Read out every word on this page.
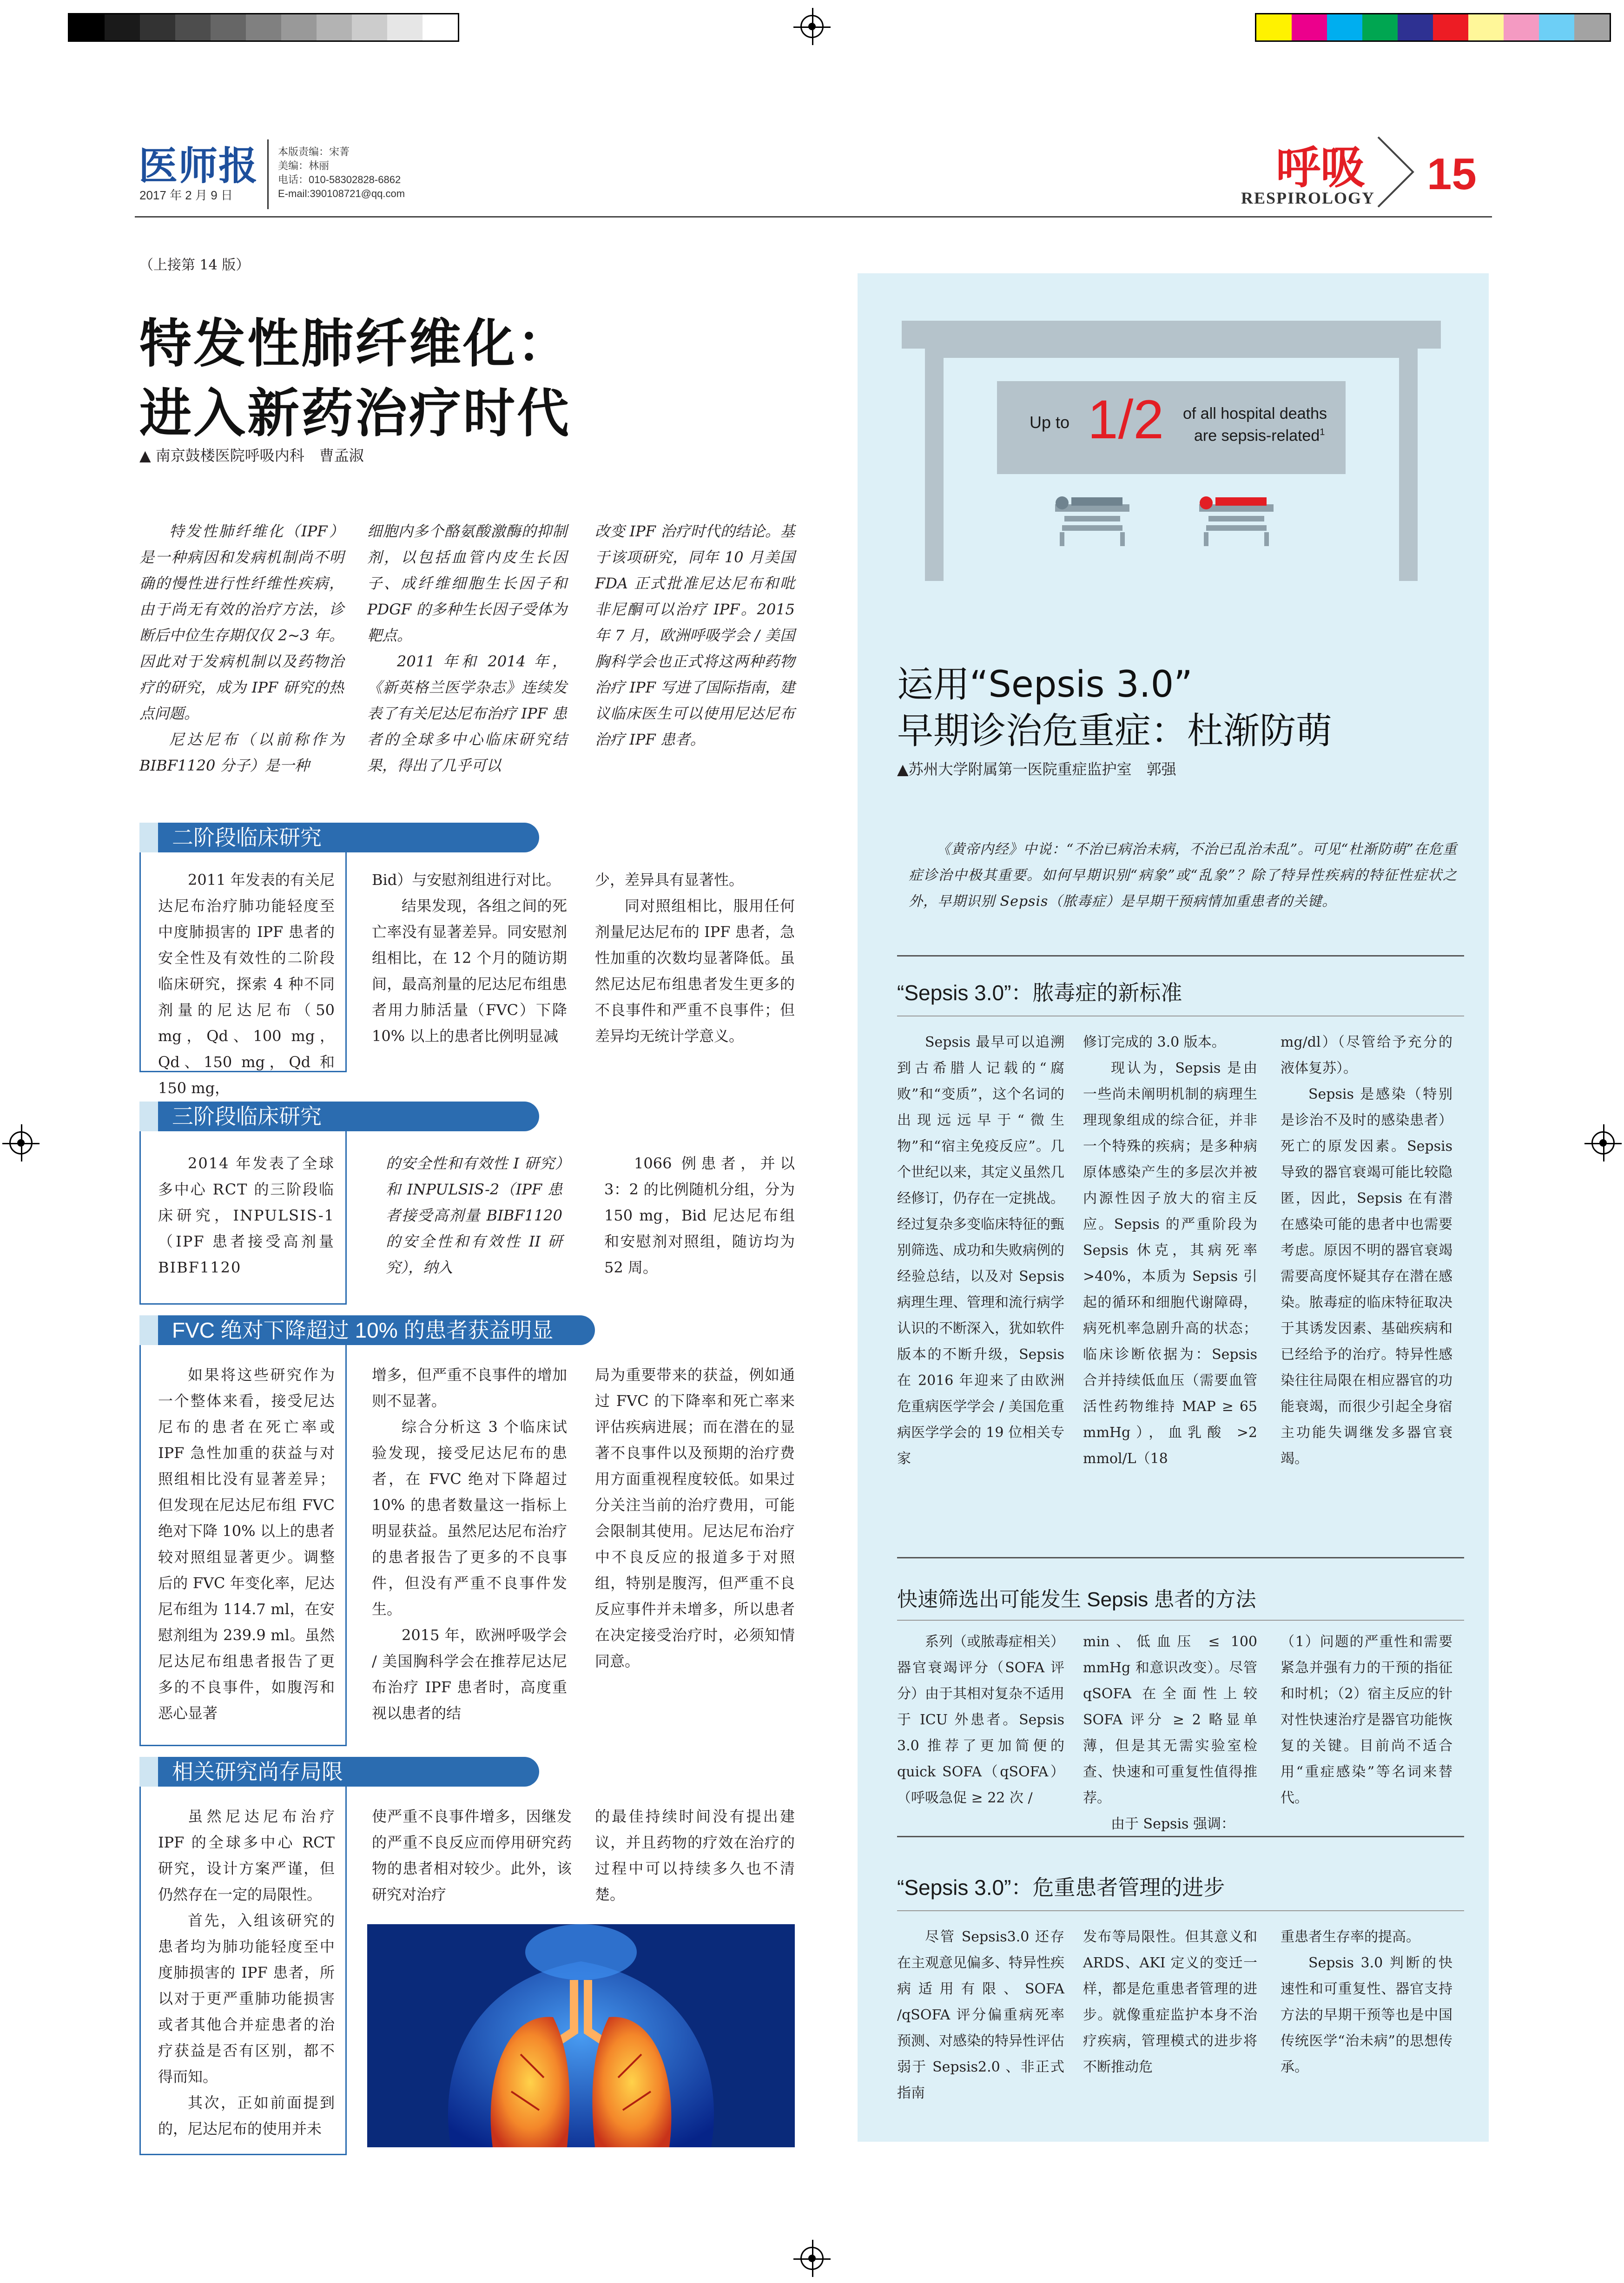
医师报
2017 年 2 月 9 日
本版责编：宋菁
美编：林丽
电话：010-58302828-6862
E-mail:390108721@qq.com	呼吸
RESPIROLOGY 15
（上接第 14 版）
特发性肺纤维化：
进入新药治疗时代
▲ 南京鼓楼医院呼吸内科　曹孟淑

特发性肺纤维化（IPF）是一种病因和发病机制尚不明确的慢性进行性纤维性疾病，由于尚无有效的治疗方法，诊断后中位生存期仅仅 2~3 年。因此对于发病机制以及药物治疗的研究，成为 IPF 研究的热点问题。

尼达尼布（以前称作为 BIBF1120 分子）是一种

细胞内多个酪氨酸激酶的抑制剂，以包括血管内皮生长因子、成纤维细胞生长因子和 PDGF 的多种生长因子受体为靶点。

2011 年和 2014 年，《新英格兰医学杂志》连续发表了有关尼达尼布治疗 IPF 患者的全球多中心临床研究结果，得出了几乎可以

改变 IPF 治疗时代的结论。基于该项研究，同年 10 月美国 FDA 正式批准尼达尼布和吡非尼酮可以治疗 IPF。2015 年 7 月，欧洲呼吸学会 / 美国胸科学会也正式将这两种药物治疗 IPF 写进了国际指南，建议临床医生可以使用尼达尼布治疗 IPF 患者。

二阶段临床研究

2011 年发表的有关尼达尼布治疗肺功能轻度至中度肺损害的 IPF 患者的安全性及有效性的二阶段临床研究，探索 4 种不同剂量的尼达尼布（50 mg，Qd、100 mg，Qd、150 mg，Qd 和 150 mg，

Bid）与安慰剂组进行对比。

结果发现，各组之间的死亡率没有显著差异。同安慰剂组相比，在 12 个月的随访期间，最高剂量的尼达尼布组患者用力肺活量（FVC）下降 10% 以上的患者比例明显减

少，差异具有显著性。

同对照组相比，服用任何剂量尼达尼布的 IPF 患者，急性加重的次数均显著降低。虽然尼达尼布组患者发生更多的不良事件和严重不良事件；但差异均无统计学意义。

三阶段临床研究

2014 年发表了全球多中心 RCT 的三阶段临床研究，INPULSIS-1（IPF 患者接受高剂量 BIBF1120

的安全性和有效性 I 研究）和 INPULSIS-2（IPF 患者接受高剂量 BIBF1120 的安全性和有效性 II 研究），纳入

1066 例患者，并以 3：2 的比例随机分组，分为 150 mg，Bid 尼达尼布组和安慰剂对照组，随访均为 52 周。

FVC 绝对下降超过 10% 的患者获益明显

如果将这些研究作为一个整体来看，接受尼达尼布的患者在死亡率或 IPF 急性加重的获益与对照组相比没有显著差异；但发现在尼达尼布组 FVC 绝对下降 10% 以上的患者较对照组显著更少。调整后的 FVC 年变化率，尼达尼布组为 114.7 ml，在安慰剂组为 239.9 ml。虽然尼达尼布组患者报告了更多的不良事件，如腹泻和恶心显著

增多，但严重不良事件的增加则不显著。

综合分析这 3 个临床试验发现，接受尼达尼布的患者，在 FVC 绝对下降超过 10% 的患者数量这一指标上明显获益。虽然尼达尼布治疗的患者报告了更多的不良事件，但没有严重不良事件发生。

2015 年，欧洲呼吸学会 / 美国胸科学会在推荐尼达尼布治疗 IPF 患者时，高度重视以患者的结

局为重要带来的获益，例如通过 FVC 的下降率和死亡率来评估疾病进展；而在潜在的显著不良事件以及预期的治疗费用方面重视程度较低。如果过分关注当前的治疗费用，可能会限制其使用。尼达尼布治疗中不良反应的报道多于对照组，特别是腹泻，但严重不良反应事件并未增多，所以患者在决定接受治疗时，必须知情同意。

相关研究尚存局限

虽然尼达尼布治疗 IPF 的全球多中心 RCT 研究，设计方案严谨，但仍然存在一定的局限性。

首先，入组该研究的患者均为肺功能轻度至中度肺损害的 IPF 患者，所以对于更严重肺功能损害或者其他合并症患者的治疗获益是否有区别，都不得而知。

其次，正如前面提到的，尼达尼布的使用并未

使严重不良事件增多，因继发的严重不良反应而停用研究药物的患者相对较少。此外，该研究对治疗

的最佳持续时间没有提出建议，并且药物的疗效在治疗的过程中可以持续多久也不清楚。

Up to 1/2 of all hospital deaths
are sepsis-related$^1$
运用“Sepsis 3.0”
早期诊治危重症：杜渐防萌
▲苏州大学附属第一医院重症监护室　郭强

《黄帝内经》中说：“不治已病治未病，不治已乱治未乱”。可见“杜渐防萌”在危重症诊治中极其重要。如何早期识别“病象”或“乱象”？除了特异性疾病的特征性症状之外，早期识别 Sepsis（脓毒症）是早期干预病情加重患者的关键。

“Sepsis 3.0”：脓毒症的新标准

Sepsis 最早可以追溯到古希腊人记载的“腐败”和“变质”，这个名词的出现远远早于“微生物”和“宿主免疫反应”。几个世纪以来，其定义虽然几经修订，仍存在一定挑战。经过复杂多变临床特征的甄别筛选、成功和失败病例的经验总结，以及对 Sepsis 病理生理、管理和流行病学认识的不断深入，犹如软件版本的不断升级，Sepsis 在 2016 年迎来了由欧洲危重病医学学会 / 美国危重病医学学会的 19 位相关专家

修订完成的 3.0 版本。

现认为，Sepsis 是由一些尚未阐明机制的病理生理现象组成的综合征，并非一个特殊的疾病；是多种病原体感染产生的多层次并被内源性因子放大的宿主反应。Sepsis 的严重阶段为 Sepsis 休克，其病死率 >40%，本质为 Sepsis 引起的循环和细胞代谢障碍，病死机率急剧升高的状态；临床诊断依据为：Sepsis 合并持续低血压（需要血管活性药物维持 MAP ≥ 65 mmHg），血乳酸 >2 mmol/L（18

mg/dl）（尽管给予充分的液体复苏）。

Sepsis 是感染（特别是诊治不及时的感染患者）死亡的原发因素。Sepsis 导致的器官衰竭可能比较隐匿，因此，Sepsis 在有潜在感染可能的患者中也需要考虑。原因不明的器官衰竭需要高度怀疑其存在潜在感染。脓毒症的临床特征取决于其诱发因素、基础疾病和已经给予的治疗。特异性感染往往局限在相应器官的功能衰竭，而很少引起全身宿主功能失调继发多器官衰竭。

快速筛选出可能发生 Sepsis 患者的方法

系列（或脓毒症相关）器官衰竭评分（SOFA 评分）由于其相对复杂不适用于 ICU 外患者。Sepsis 3.0 推荐了更加简便的 quick SOFA（qSOFA）（呼吸急促 ≥ 22 次 /

min、低血压 ≤ 100 mmHg 和意识改变）。尽管 qSOFA 在全面性上较 SOFA 评分 ≥ 2 略显单薄，但是其无需实验室检查、快速和可重复性值得推荐。

由于 Sepsis 强调：

（1）问题的严重性和需要紧急并强有力的干预的指征和时机；（2）宿主反应的针对性快速治疗是器官功能恢复的关键。目前尚不适合用“重症感染”等名词来替代。

“Sepsis 3.0”：危重患者管理的进步

尽管 Sepsis3.0 还存在主观意见偏多、特异性疾病适用有限、SOFA /qSOFA 评分偏重病死率预测、对感染的特异性评估弱于 Sepsis2.0 、非正式指南

发布等局限性。但其意义和 ARDS、AKI 定义的变迁一样，都是危重患者管理的进步。就像重症监护本身不治疗疾病，管理模式的进步将不断推动危

重患者生存率的提高。

Sepsis 3.0 判断的快速性和可重复性、器官支持方法的早期干预等也是中国传统医学“治未病”的思想传承。
